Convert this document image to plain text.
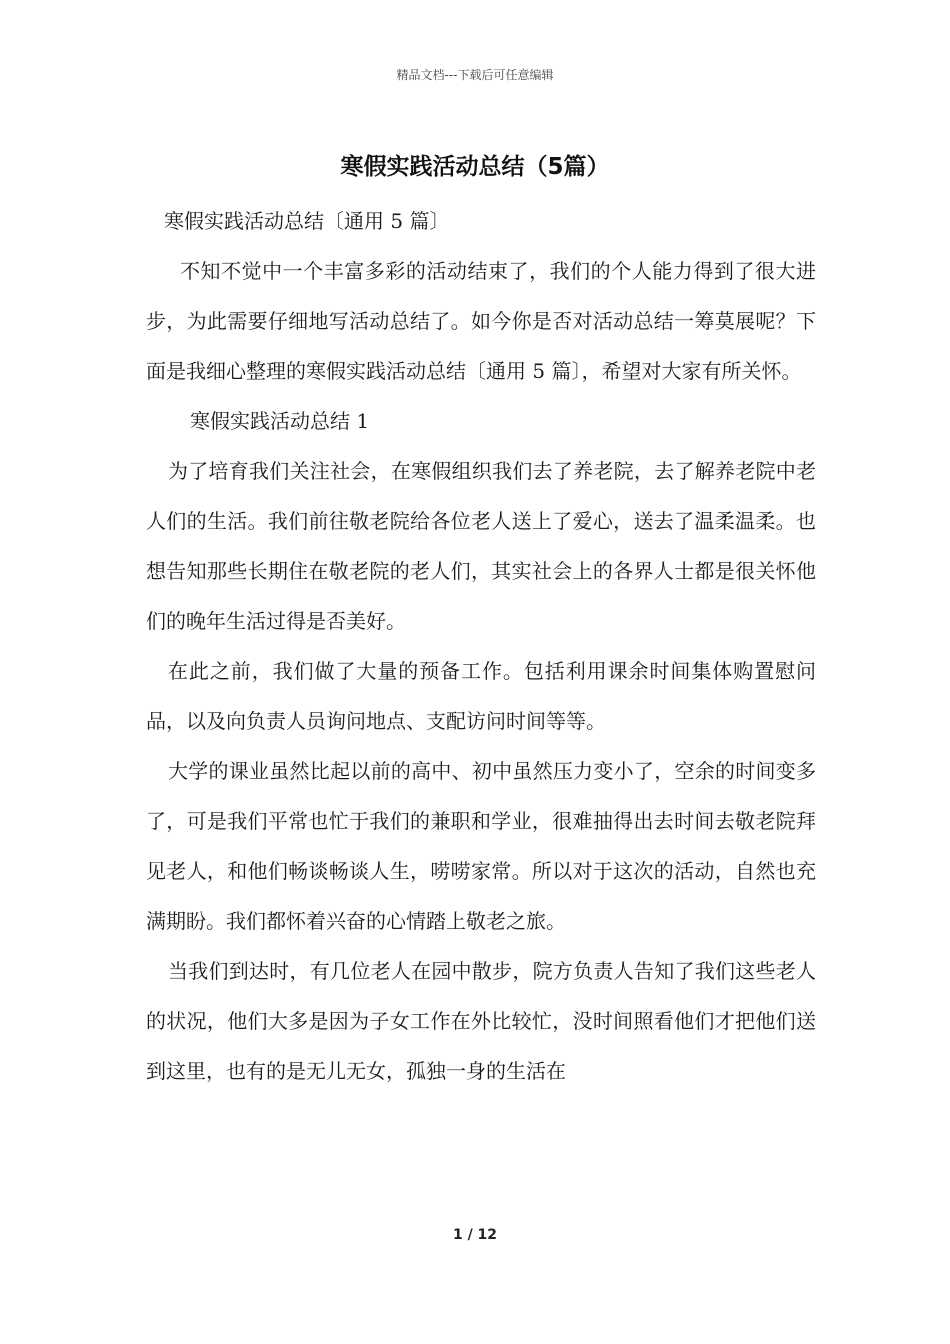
精品文档---下载后可任意编辑
寒假实践活动总结（5篇）

寒假实践活动总结〔通用 5 篇〕

不知不觉中一个丰富多彩的活动结束了，我们的个人能力得到了很大进步，为此需要仔细地写活动总结了。如今你是否对活动总结一筹莫展呢？下面是我细心整理的寒假实践活动总结〔通用 5 篇〕，希望对大家有所关怀。

寒假实践活动总结 1

为了培育我们关注社会，在寒假组织我们去了养老院，去了解养老院中老人们的生活。我们前往敬老院给各位老人送上了爱心，送去了温柔温柔。也想告知那些长期住在敬老院的老人们，其实社会上的各界人士都是很关怀他们的晚年生活过得是否美好。

在此之前，我们做了大量的预备工作。包括利用课余时间集体购置慰问品，以及向负责人员询问地点、支配访问时间等等。

大学的课业虽然比起以前的高中、初中虽然压力变小了，空余的时间变多了，可是我们平常也忙于我们的兼职和学业，很难抽得出去时间去敬老院拜见老人，和他们畅谈畅谈人生，唠唠家常。所以对于这次的活动，自然也充满期盼。我们都怀着兴奋的心情踏上敬老之旅。

当我们到达时，有几位老人在园中散步，院方负责人告知了我们这些老人的状况，他们大多是因为子女工作在外比较忙，没时间照看他们才把他们送到这里，也有的是无儿无女，孤独一身的生活在

1 / 12
